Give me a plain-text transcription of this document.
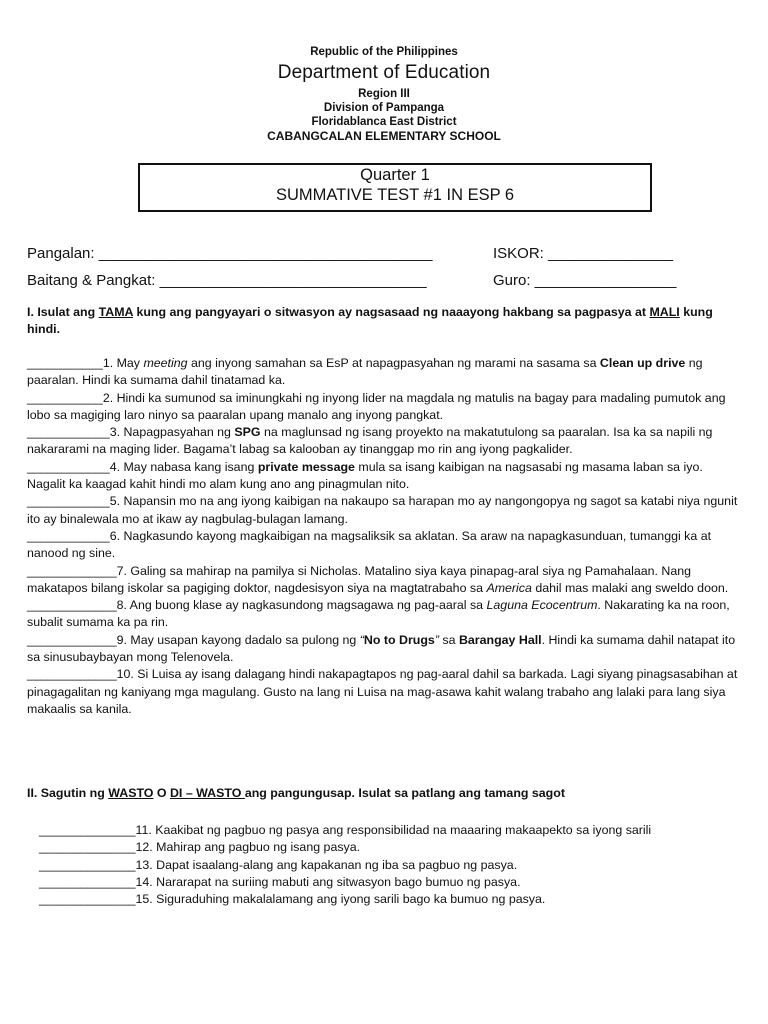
Republic of the Philippines
Department of Education
Region III
Division of Pampanga
Floridablanca East District
CABANGCALAN ELEMENTARY SCHOOL
Quarter 1
SUMMATIVE TEST #1 IN ESP 6
Pangalan: ________________________________________	ISKOR: _______________
Baitang & Pangkat: ________________________________	Guro: _________________
I. Isulat ang TAMA kung ang pangyayari o sitwasyon ay nagsasaad ng naaayong hakbang sa pagpasya at MALI kung hindi.

___________1. May meeting ang inyong samahan sa EsP at napagpasyahan ng marami na sasama sa Clean up drive ng paaralan. Hindi ka sumama dahil tinatamad ka.

___________2. Hindi ka sumunod sa iminungkahi ng inyong lider na magdala ng matulis na bagay para madaling pumutok ang lobo sa magiging laro ninyo sa paaralan upang manalo ang inyong pangkat.

____________3. Napagpasyahan ng SPG na maglunsad ng isang proyekto na makatutulong sa paaralan. Isa ka sa napili ng nakararami na maging lider. Bagama’t labag sa kalooban ay tinanggap mo rin ang iyong pagkalider.

____________4. May nabasa kang isang private message mula sa isang kaibigan na nagsasabi ng masama laban sa iyo. Nagalit ka kaagad kahit hindi mo alam kung ano ang pinagmulan nito.

____________5. Napansin mo na ang iyong kaibigan na nakaupo sa harapan mo ay nangongopya ng sagot sa katabi niya ngunit ito ay binalewala mo at ikaw ay nagbulag-bulagan lamang.

____________6. Nagkasundo kayong magkaibigan na magsaliksik sa aklatan. Sa araw na napagkasunduan, tumanggi ka at nanood ng sine.

_____________7. Galing sa mahirap na pamilya si Nicholas. Matalino siya kaya pinapag-aral siya ng Pamahalaan. Nang makatapos bilang iskolar sa pagiging doktor, nagdesisyon siya na magtatrabaho sa America dahil mas malaki ang sweldo doon.

_____________8. Ang buong klase ay nagkasundong magsagawa ng pag-aaral sa Laguna Ecocentrum. Nakarating ka na roon, subalit sumama ka pa rin.

_____________9. May usapan kayong dadalo sa pulong ng “No to Drugs” sa Barangay Hall. Hindi ka sumama dahil natapat ito sa sinusubaybayan mong Telenovela.

_____________10. Si Luisa ay isang dalagang hindi nakapagtapos ng pag-aaral dahil sa barkada. Lagi siyang pinagsasabihan at pinagagalitan ng kaniyang mga magulang. Gusto na lang ni Luisa na mag-asawa kahit walang trabaho ang lalaki para lang siya makaalis sa kanila.

II. Sagutin ng WASTO O DI – WASTO ang pangungusap. Isulat sa patlang ang tamang sagot

______________11. Kaakibat ng pagbuo ng pasya ang responsibilidad na maaaring makaapekto sa iyong sarili

______________12. Mahirap ang pagbuo ng isang pasya.

______________13. Dapat isaalang-alang ang kapakanan ng iba sa pagbuo ng pasya.

______________14. Nararapat na suriing mabuti ang sitwasyon bago bumuo ng pasya.

______________15. Siguraduhing makalalamang ang iyong sarili bago ka bumuo ng pasya.
